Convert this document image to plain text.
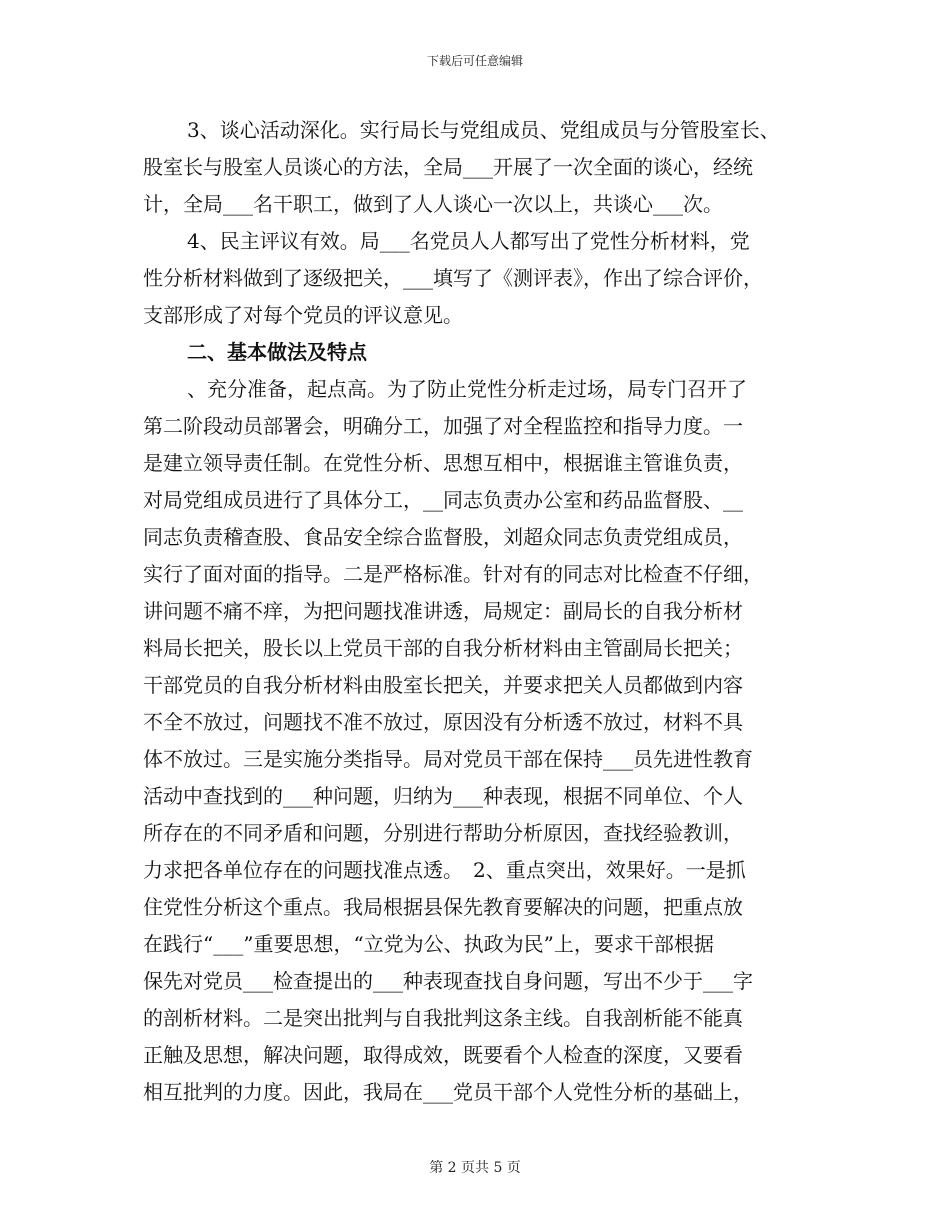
下载后可任意编辑
3、谈心活动深化。实行局长与党组成员、党组成员与分管股室长、
股室长与股室人员谈心的方法，全局___开展了一次全面的谈心，经统
计，全局___名干职工，做到了人人谈心一次以上，共谈心___次。
4、民主评议有效。局___名党员人人都写出了党性分析材料，党
性分析材料做到了逐级把关，___填写了《测评表》，作出了综合评价，
支部形成了对每个党员的评议意见。
二、基本做法及特点
、充分准备，起点高。为了防止党性分析走过场，局专门召开了
第二阶段动员部署会，明确分工，加强了对全程监控和指导力度。一
是建立领导责任制。在党性分析、思想互相中，根据谁主管谁负责，
对局党组成员进行了具体分工，__同志负责办公室和药品监督股、__
同志负责稽查股、食品安全综合监督股，刘超众同志负责党组成员，
实行了面对面的指导。二是严格标准。针对有的同志对比检查不仔细，
讲问题不痛不痒，为把问题找准讲透，局规定：副局长的自我分析材
料局长把关，股长以上党员干部的自我分析材料由主管副局长把关；
干部党员的自我分析材料由股室长把关，并要求把关人员都做到内容
不全不放过，问题找不准不放过，原因没有分析透不放过，材料不具
体不放过。三是实施分类指导。局对党员干部在保持___员先进性教育
活动中查找到的___种问题，归纳为___种表现，根据不同单位、个人
所存在的不同矛盾和问题，分别进行帮助分析原因，查找经验教训，
力求把各单位存在的问题找准点透。　2、重点突出，效果好。一是抓
住党性分析这个重点。我局根据县保先教育要解决的问题，把重点放
在践行“___”重要思想，“立党为公、执政为民”上，要求干部根据
保先对党员___检查提出的___种表现查找自身问题，写出不少于___字
的剖析材料。二是突出批判与自我批判这条主线。自我剖析能不能真
正触及思想，解决问题，取得成效，既要看个人检查的深度，又要看
相互批判的力度。因此，我局在___党员干部个人党性分析的基础上，
第 2 页共 5 页
